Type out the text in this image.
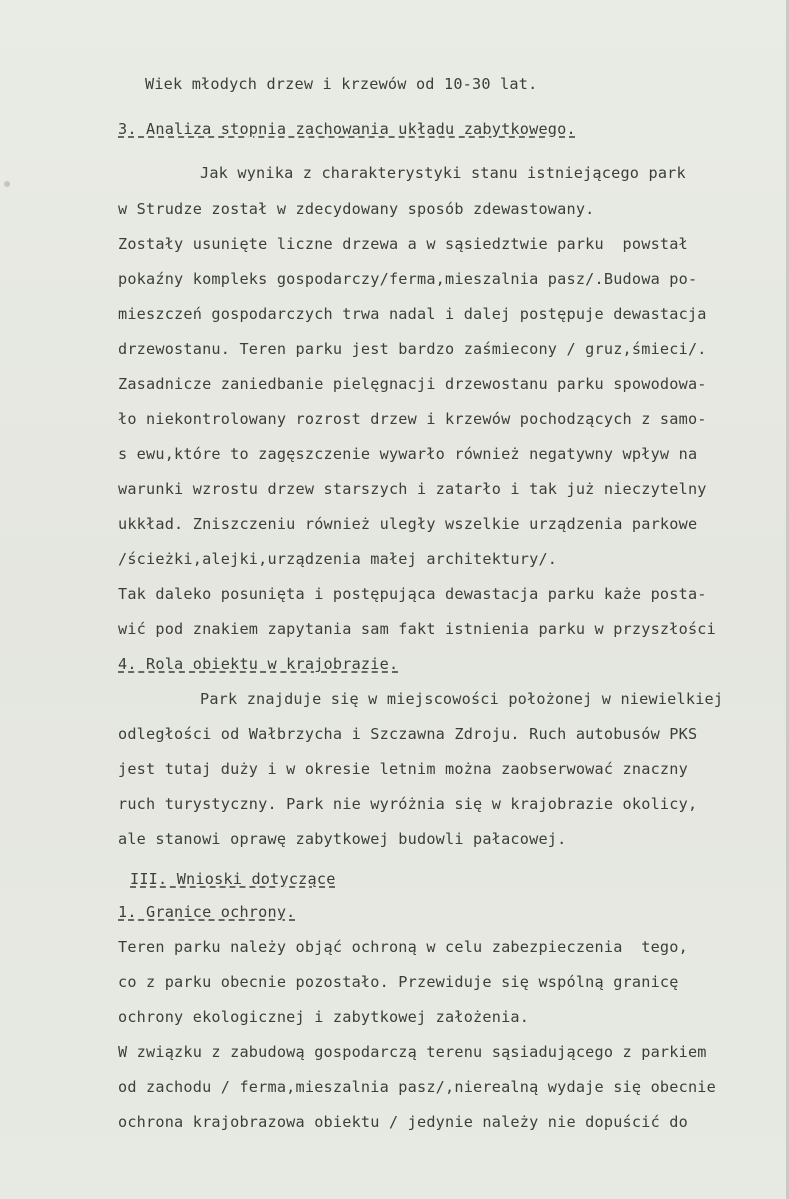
Wiek młodych drzew i krzewów od 10-30 lat.
3. Analiza stopnia zachowania układu zabytkowego.
Jak wynika z charakterystyki stanu istniejącego park
w Strudze został w zdecydowany sposób zdewastowany.
Zostały usunięte liczne drzewa a w sąsiedztwie parku  powstał
pokaźny kompleks gospodarczy/ferma,mieszalnia pasz/.Budowa po-
mieszczeń gospodarczych trwa nadal i dalej postępuje dewastacja
drzewostanu. Teren parku jest bardzo zaśmiecony / gruz,śmieci/.
Zasadnicze zaniedbanie pielęgnacji drzewostanu parku spowodowa-
ło niekontrolowany rozrost drzew i krzewów pochodzących z samo-
s ewu,które to zagęszczenie wywarło również negatywny wpływ na
warunki wzrostu drzew starszych i zatarło i tak już nieczytelny
ukkład. Zniszczeniu również uległy wszelkie urządzenia parkowe
/ścieżki,alejki,urządzenia małej architektury/.
Tak daleko posunięta i postępująca dewastacja parku każe posta-
wić pod znakiem zapytania sam fakt istnienia parku w przyszłości
4. Rola obiektu w krajobrazie.
Park znajduje się w miejscowości położonej w niewielkiej
odległości od Wałbrzycha i Szczawna Zdroju. Ruch autobusów PKS
jest tutaj duży i w okresie letnim można zaobserwować znaczny
ruch turystyczny. Park nie wyróżnia się w krajobrazie okolicy,
ale stanowi oprawę zabytkowej budowli pałacowej.
III. Wnioski dotyczące
1. Granice ochrony.
Teren parku należy objąć ochroną w celu zabezpieczenia  tego,
co z parku obecnie pozostało. Przewiduje się wspólną granicę
ochrony ekologicznej i zabytkowej założenia.
W związku z zabudową gospodarczą terenu sąsiadującego z parkiem
od zachodu / ferma,mieszalnia pasz/,nierealną wydaje się obecnie
ochrona krajobrazowa obiektu / jedynie należy nie dopuścić do
